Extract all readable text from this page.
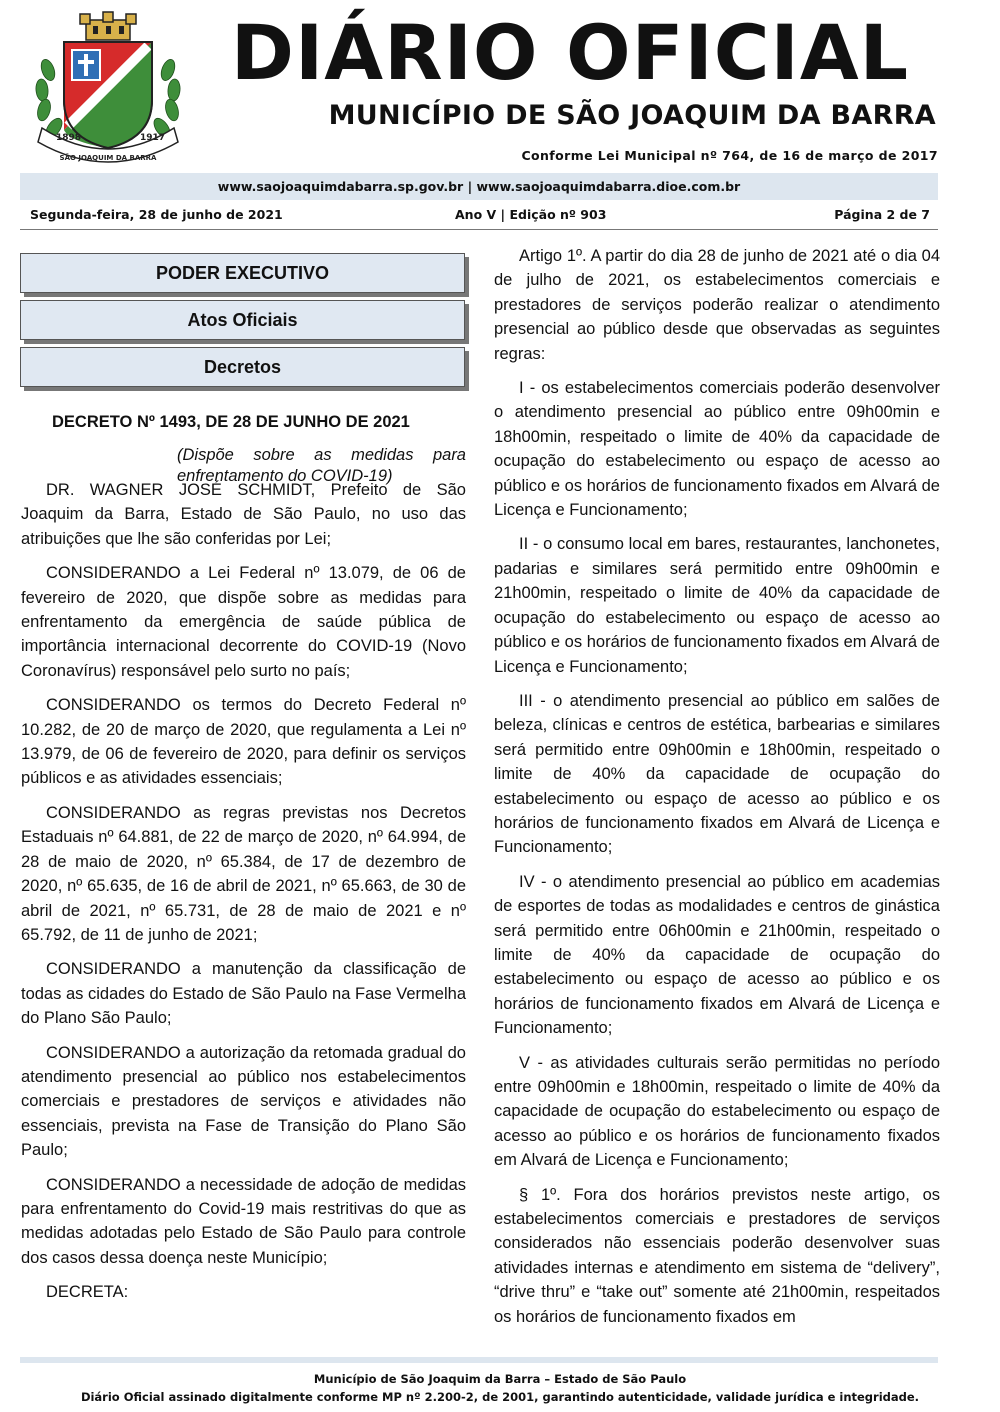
1898	1917
SÃO JOAQUIM DA BARRA
DIÁRIO OFICIAL
MUNICÍPIO DE SÃO JOAQUIM DA BARRA
Conforme Lei Municipal nº 764, de 16 de março de 2017
www.saojoaquimdabarra.sp.gov.br | www.saojoaquimdabarra.dioe.com.br
Segunda-feira, 28 de junho de 2021	Ano V | Edição nº 903	Página 2 de 7
PODER EXECUTIVO
Atos Oficiais
Decretos
DECRETO Nº 1493, DE 28 DE JUNHO DE 2021
(Dispõe sobre as medidas para enfrentamento do COVID-19)

DR. WAGNER JOSÉ SCHMIDT, Prefeito de São Joaquim da Barra, Estado de São Paulo, no uso das atribuições que lhe são conferidas por Lei;

CONSIDERANDO a Lei Federal nº 13.079, de 06 de fevereiro de 2020, que dispõe sobre as medidas para enfrentamento da emergência de saúde pública de importância internacional decorrente do COVID-19 (Novo Coronavírus) responsável pelo surto no país;

CONSIDERANDO os termos do Decreto Federal nº 10.282, de 20 de março de 2020, que regulamenta a Lei nº 13.979, de 06 de fevereiro de 2020, para definir os serviços públicos e as atividades essenciais;

CONSIDERANDO as regras previstas nos Decretos Estaduais nº 64.881, de 22 de março de 2020, nº 64.994, de 28 de maio de 2020, nº 65.384, de 17 de dezembro de 2020, nº 65.635, de 16 de abril de 2021, nº 65.663, de 30 de abril de 2021, nº 65.731, de 28 de maio de 2021 e nº 65.792, de 11 de junho de 2021;

CONSIDERANDO a manutenção da classificação de todas as cidades do Estado de São Paulo na Fase Vermelha do Plano São Paulo;

CONSIDERANDO a autorização da retomada gradual do atendimento presencial ao público nos estabelecimentos comerciais e prestadores de serviços e atividades não essenciais, prevista na Fase de Transição do Plano São Paulo;

CONSIDERANDO a necessidade de adoção de medidas para enfrentamento do Covid-19 mais restritivas do que as medidas adotadas pelo Estado de São Paulo para controle dos casos dessa doença neste Município;

DECRETA:

Artigo 1º. A partir do dia 28 de junho de 2021 até o dia 04 de julho de 2021, os estabelecimentos comerciais e prestadores de serviços poderão realizar o atendimento presencial ao público desde que observadas as seguintes regras:

I - os estabelecimentos comerciais poderão desenvolver o atendimento presencial ao público entre 09h00min e 18h00min, respeitado o limite de 40% da capacidade de ocupação do estabelecimento ou espaço de acesso ao público e os horários de funcionamento fixados em Alvará de Licença e Funcionamento;

II - o consumo local em bares, restaurantes, lanchonetes, padarias e similares será permitido entre 09h00min e 21h00min, respeitado o limite de 40% da capacidade de ocupação do estabelecimento ou espaço de acesso ao público e os horários de funcionamento fixados em Alvará de Licença e Funcionamento;

III - o atendimento presencial ao público em salões de beleza, clínicas e centros de estética, barbearias e similares será permitido entre 09h00min e 18h00min, respeitado o limite de 40% da capacidade de ocupação do estabelecimento ou espaço de acesso ao público e os horários de funcionamento fixados em Alvará de Licença e Funcionamento;

IV - o atendimento presencial ao público em academias de esportes de todas as modalidades e centros de ginástica será permitido entre 06h00min e 21h00min, respeitado o limite de 40% da capacidade de ocupação do estabelecimento ou espaço de acesso ao público e os horários de funcionamento fixados em Alvará de Licença e Funcionamento;

V - as atividades culturais serão permitidas no período entre 09h00min e 18h00min, respeitado o limite de 40% da capacidade de ocupação do estabelecimento ou espaço de acesso ao público e os horários de funcionamento fixados em Alvará de Licença e Funcionamento;

§ 1º. Fora dos horários previstos neste artigo, os estabelecimentos comerciais e prestadores de serviços considerados não essenciais poderão desenvolver suas atividades internas e atendimento em sistema de “delivery”, “drive thru” e “take out” somente até 21h00min, respeitados os horários de funcionamento fixados em

Município de São Joaquim da Barra – Estado de São Paulo
Diário Oficial assinado digitalmente conforme MP nº 2.200-2, de 2001, garantindo autenticidade, validade jurídica e integridade.
